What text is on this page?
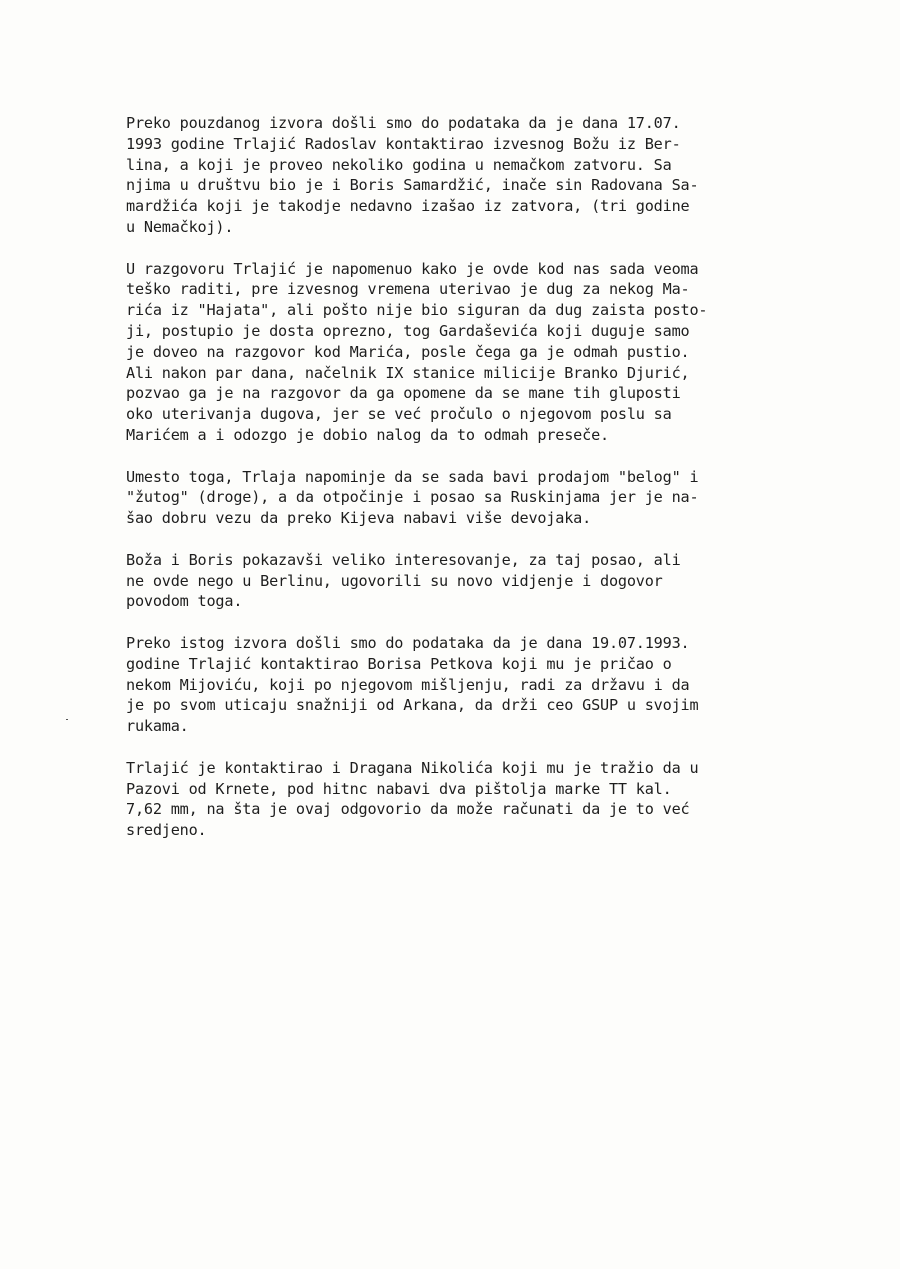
Preko pouzdanog izvora došli smo do podataka da je dana 17.07.
1993 godine Trlajić Radoslav kontaktirao izvesnog Božu iz Ber-
lina, a koji je proveo nekoliko godina u nemačkom zatvoru. Sa
njima u društvu bio je i Boris Samardžić, inače sin Radovana Sa-
mardžića koji je takodje nedavno izašao iz zatvora, (tri godine
u Nemačkoj).

U razgovoru Trlajić je napomenuo kako je ovde kod nas sada veoma
teško raditi, pre izvesnog vremena uterivao je dug za nekog Ma-
rića iz "Hajata", ali pošto nije bio siguran da dug zaista posto-
ji, postupio je dosta oprezno, tog Gardaševića koji duguje samo
je doveo na razgovor kod Marića, posle čega ga je odmah pustio.
Ali nakon par dana, načelnik IX stanice milicije Branko Djurić,
pozvao ga je na razgovor da ga opomene da se mane tih gluposti
oko uterivanja dugova, jer se već pročulo o njegovom poslu sa
Marićem a i odozgo je dobio nalog da to odmah preseče.

Umesto toga, Trlaja napominje da se sada bavi prodajom "belog" i
"žutog" (droge), a da otpočinje i posao sa Ruskinjama jer je na-
šao dobru vezu da preko Kijeva nabavi više devojaka.

Boža i Boris pokazavši veliko interesovanje, za taj posao, ali
ne ovde nego u Berlinu, ugovorili su novo vidjenje i dogovor
povodom toga.

Preko istog izvora došli smo do podataka da je dana 19.07.1993.
godine Trlajić kontaktirao Borisa Petkova koji mu je pričao o
nekom Mijoviću, koji po njegovom mišljenju, radi za državu i da
je po svom uticaju snažniji od Arkana, da drži ceo GSUP u svojim
rukama.

Trlajić je kontaktirao i Dragana Nikolića koji mu je tražio da u
Pazovi od Krnete, pod hitnc nabavi dva pištolja marke TT kal.
7,62 mm, na šta je ovaj odgovorio da može računati da je to već
sredjeno.
